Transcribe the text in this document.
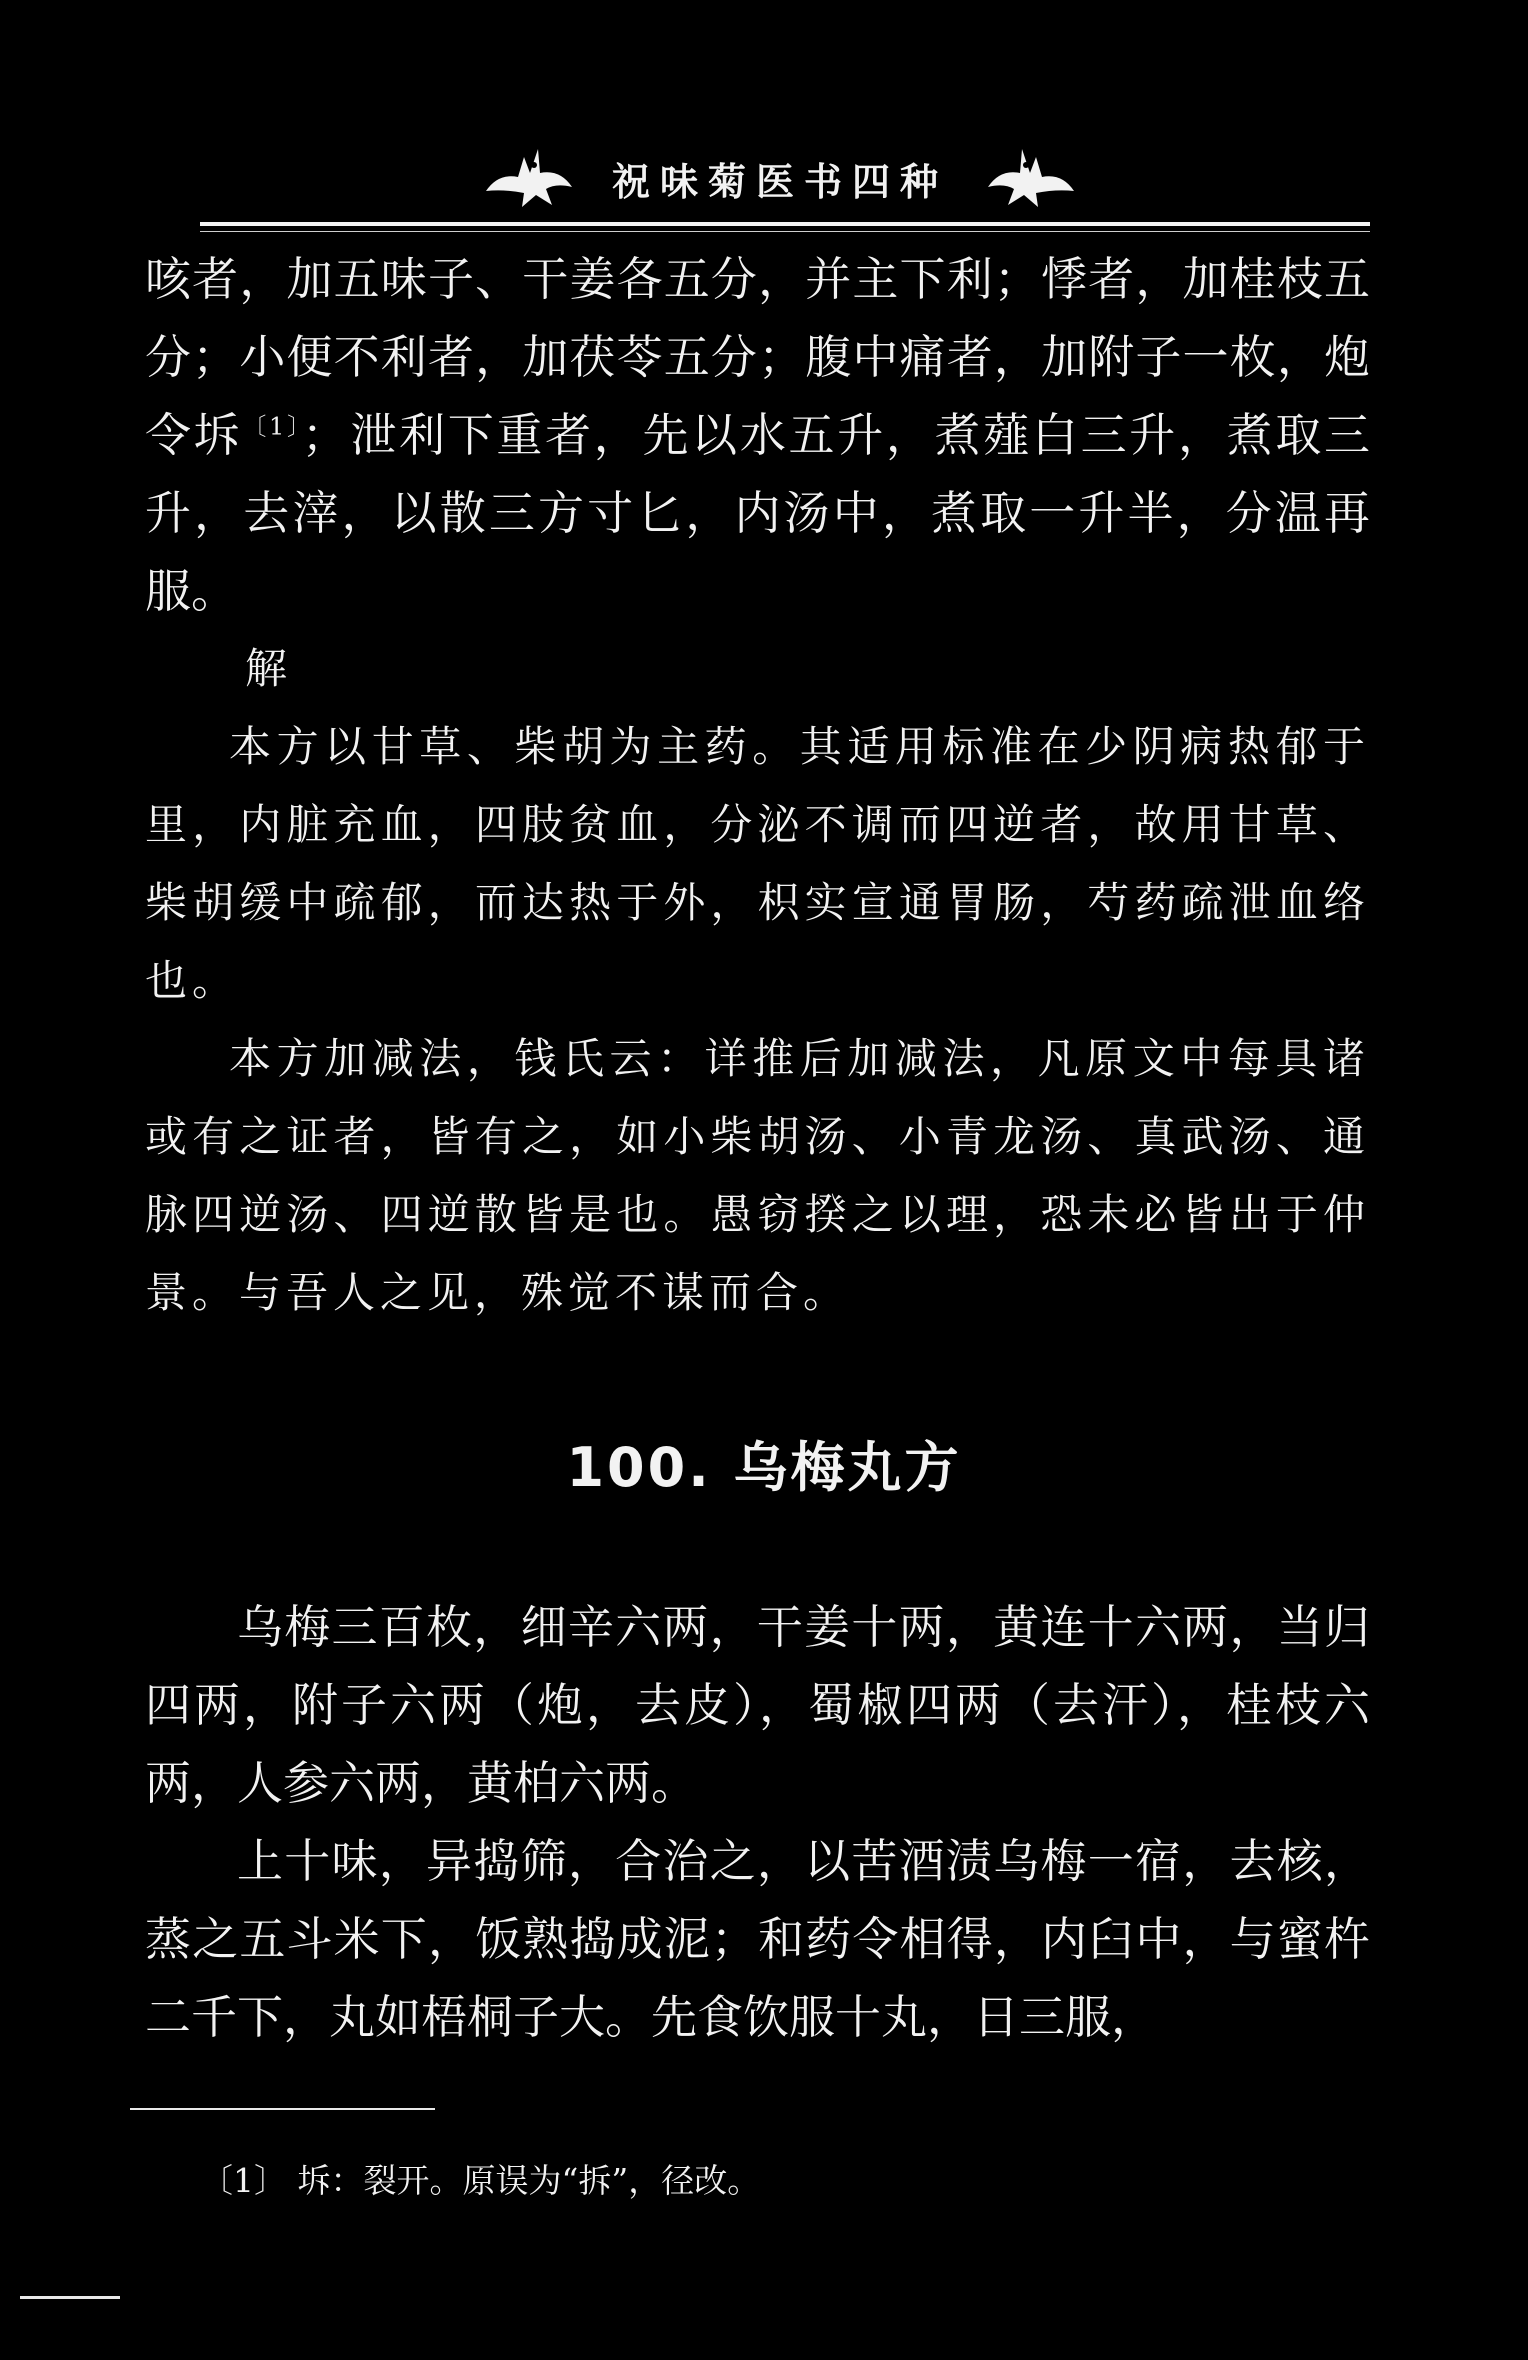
祝味菊医书四种

咳者，加五味子、干姜各五分，并主下利；悸者，加桂枝五分；小便不利者，加茯苓五分；腹中痛者，加附子一枚，炮令坼$^{〔1〕}$；泄利下重者，先以水五升，煮薤白三升，煮取三升，去滓，以散三方寸匕，内汤中，煮取一升半，分温再服。

解

本方以甘草、柴胡为主药。其适用标准在少阴病热郁于里，内脏充血，四肢贫血，分泌不调而四逆者，故用甘草、柴胡缓中疏郁，而达热于外，枳实宣通胃肠，芍药疏泄血络也。

本方加减法，钱氏云：详推后加减法，凡原文中每具诸或有之证者，皆有之，如小柴胡汤、小青龙汤、真武汤、通脉四逆汤、四逆散皆是也。愚窃揆之以理，恐未必皆出于仲景。与吾人之见，殊觉不谋而合。

100. 乌梅丸方

乌梅三百枚，细辛六两，干姜十两，黄连十六两，当归四两，附子六两（炮，去皮），蜀椒四两（去汗），桂枝六两，人参六两，黄柏六两。

上十味，异捣筛，合治之，以苦酒渍乌梅一宿，去核，蒸之五斗米下，饭熟捣成泥；和药令相得，内臼中，与蜜杵二千下，丸如梧桐子大。先食饮服十丸，日三服，

〔1〕 坼：裂开。原误为“拆”，径改。
